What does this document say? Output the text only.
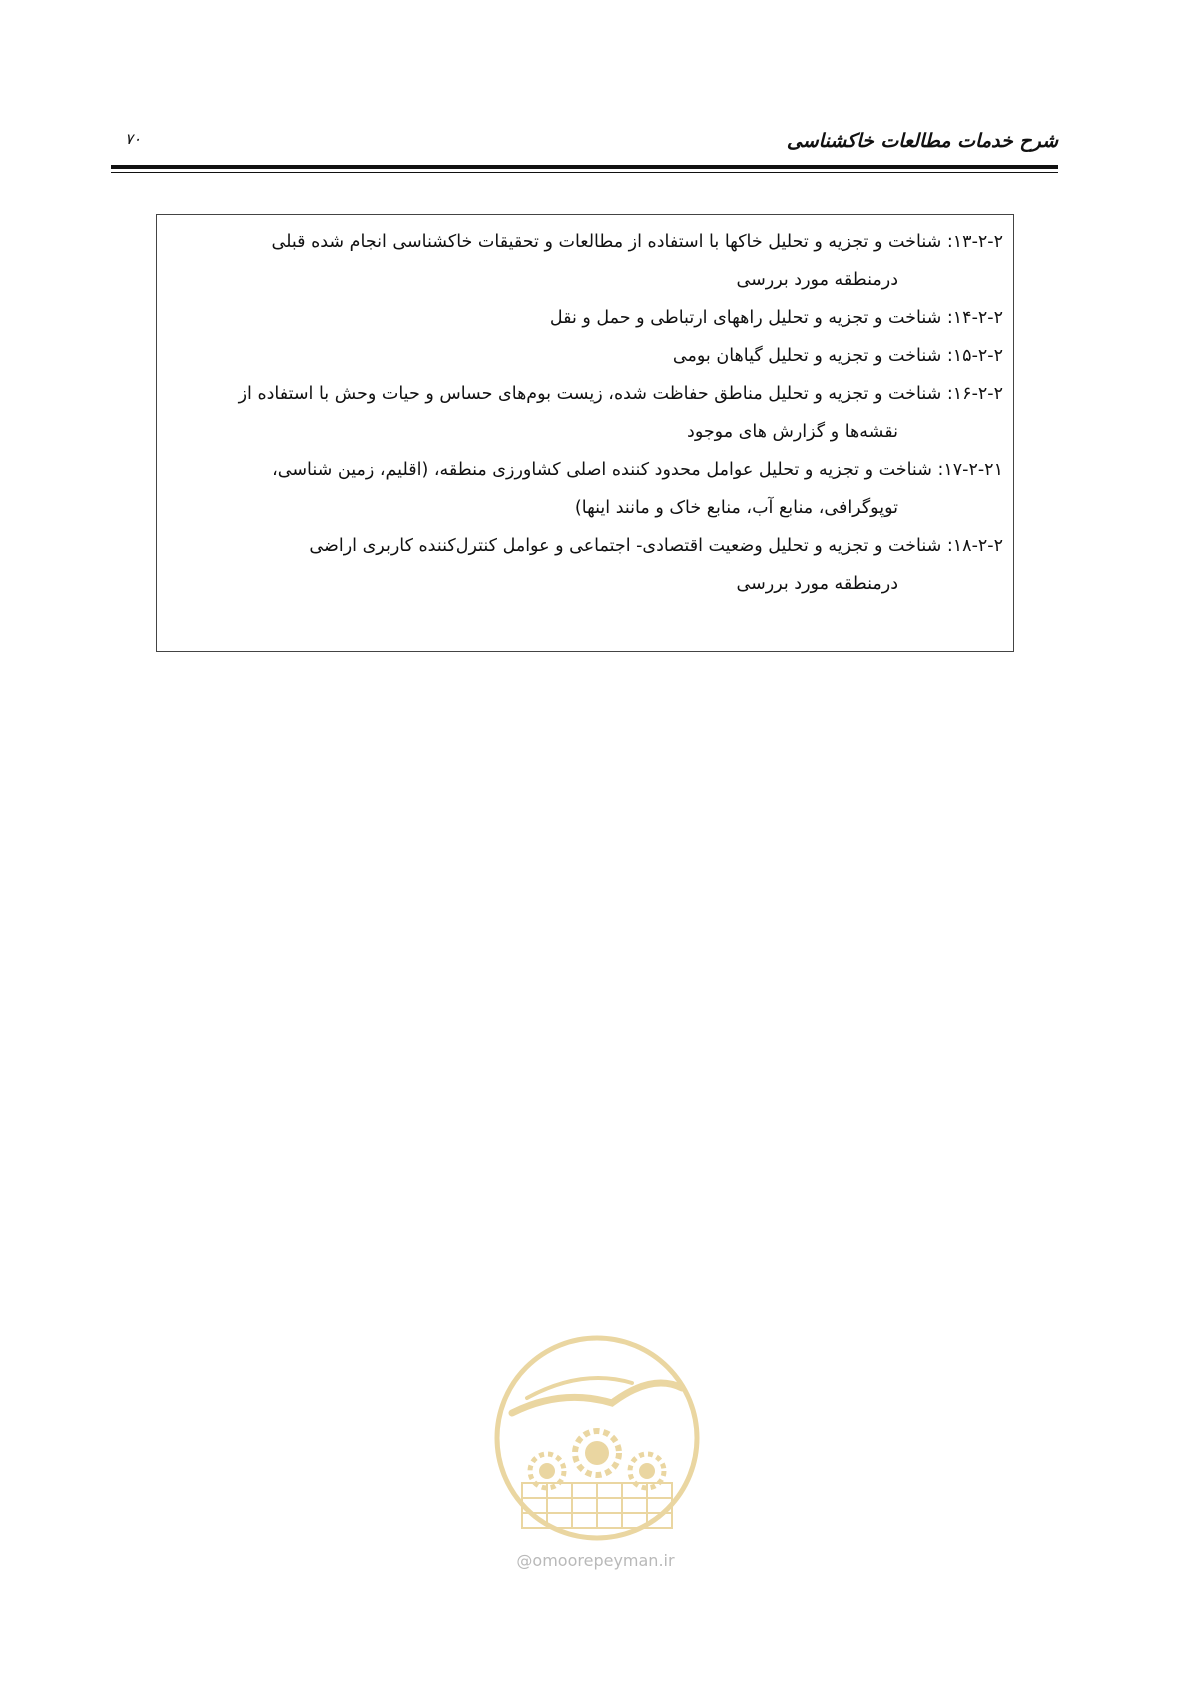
شرح خدمات مطالعات خاکشناسی
۷۰
۱۳-۲-۲: شناخت و تجزیه و تحلیل خاکها با استفاده از مطالعات و تحقیقات خاکشناسی انجام شده قبلی
درمنطقه مورد بررسی
۱۴-۲-۲: شناخت و تجزیه و تحلیل راههای ارتباطی و حمل و نقل
۱۵-۲-۲: شناخت و تجزیه و تحلیل گیاهان بومی
۱۶-۲-۲: شناخت و تجزیه و تحلیل مناطق حفاظت شده، زیست بوم‌های حساس و حیات وحش با استفاده از
نقشه‌ها و گزارش های موجود
۱۷-۲-۲۱: شناخت و تجزیه و تحلیل عوامل محدود کننده اصلی کشاورزی منطقه، (اقلیم، زمین شناسی،
توپوگرافی، منابع آب، منابع خاک و مانند اینها)
۱۸-۲-۲: شناخت و تجزیه و تحلیل وضعیت اقتصادی- اجتماعی و عوامل کنترل‌کننده کاربری اراضی
درمنطقه مورد بررسی
@omoorepeyman.ir
